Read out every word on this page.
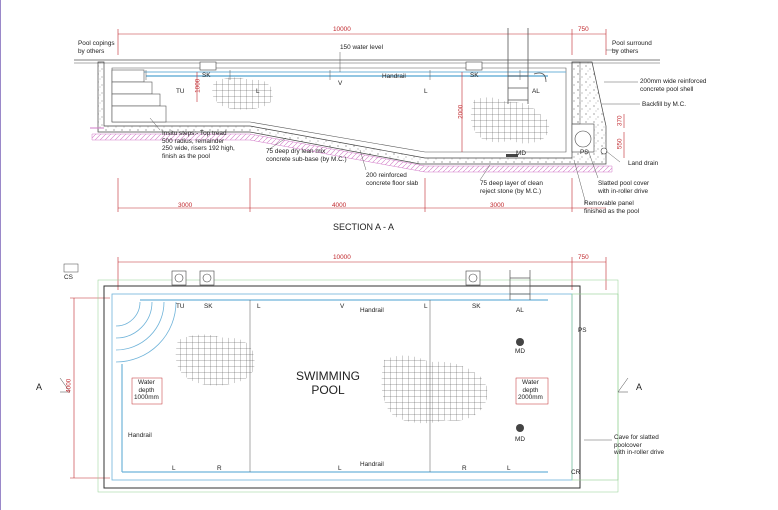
10000	750
Pool copings
by others
150 water level
Pool surround
by others
200mm wide reinforced
concrete pool shell
Backfill by M.C.
Land drain
Slatted pool cover
with in-roller drive
Removable panel
finished as the pool
75 deep layer of clean
reject stone (by M.C.)
200 reinforced
concrete floor slab
75 deep dry lean mix
concrete sub-base (by M.C.)
Insitu steps:- Top tread
500 radius, remainder
250 wide, risers 192 high,
finish as the pool
SK	SK
TU	L
V
Handrail
L	AL
MD	PS
1000
2000
370
550
3000	4000	3000
SECTION A - A
10000	750
4000
CS
A	A
TU	SK	L	V	L	SK
AL
Handrail
PS
MD
MD
SWIMMING
POOL
Water
depth
1000mm
Water
depth
2000mm
Handrail
Handrail
Cave for slatted
poolcover
with in-roller drive
L	R	L	R	L
CR
